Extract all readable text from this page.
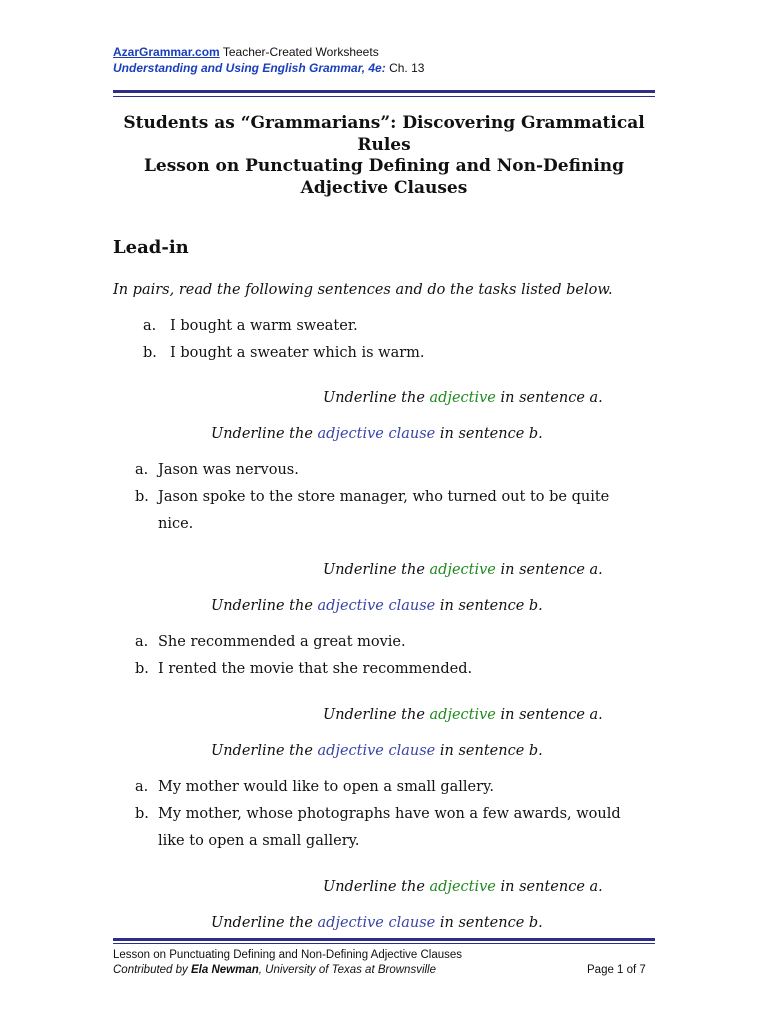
AzarGrammar.com Teacher-Created Worksheets
Understanding and Using English Grammar, 4e: Ch. 13
Students as “Grammarians”: Discovering Grammatical
Rules
Lesson on Punctuating Defining and Non-Defining
Adjective Clauses
Lead-in
In pairs, read the following sentences and do the tasks listed below.
a. I bought a warm sweater.
b. I bought a sweater which is warm.
Underline the adjective in sentence a.
Underline the adjective clause in sentence b.
a. Jason was nervous.
b. Jason spoke to the store manager, who turned out to be quite
nice.
Underline the adjective in sentence a.
Underline the adjective clause in sentence b.
a. She recommended a great movie.
b. I rented the movie that she recommended.
Underline the adjective in sentence a.
Underline the adjective clause in sentence b.
a. My mother would like to open a small gallery.
b. My mother, whose photographs have won a few awards, would
like to open a small gallery.
Underline the adjective in sentence a.
Underline the adjective clause in sentence b.
Lesson on Punctuating Defining and Non-Defining Adjective Clauses
Contributed by Ela Newman, University of Texas at Brownsville	Page 1 of 7
